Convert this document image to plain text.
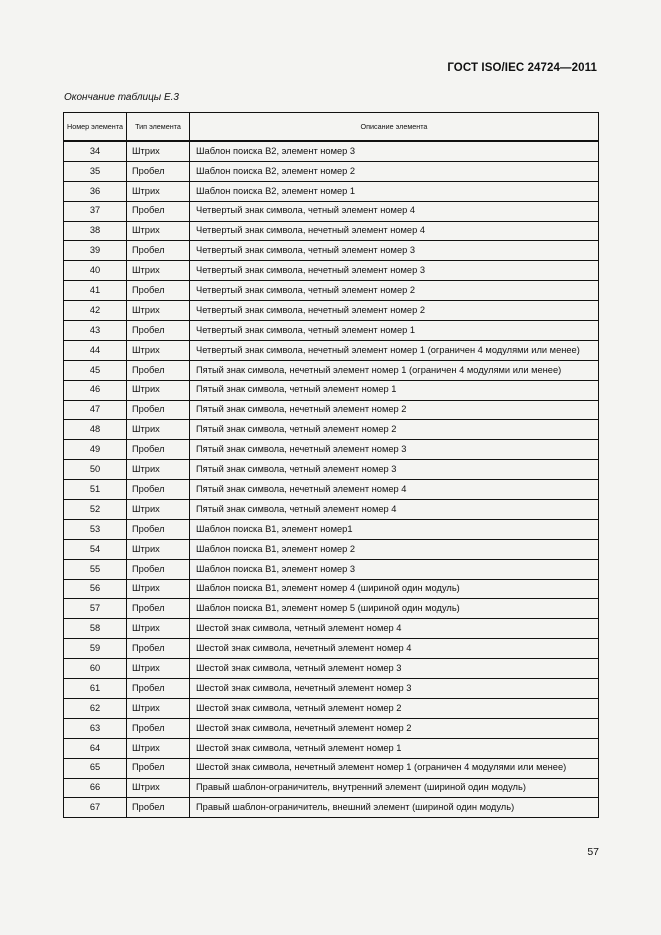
ГОСТ ISO/IEC 24724—2011
Окончание таблицы Е.3
Номер элемента	Тип элемента	Описание элемента
34	Штрих	Шаблон поиска В2, элемент номер 3
35	Пробел	Шаблон поиска В2, элемент номер 2
36	Штрих	Шаблон поиска В2, элемент номер 1
37	Пробел	Четвертый знак символа, четный элемент номер 4
38	Штрих	Четвертый знак символа, нечетный элемент номер 4
39	Пробел	Четвертый знак символа, четный элемент номер 3
40	Штрих	Четвертый знак символа, нечетный элемент номер 3
41	Пробел	Четвертый знак символа, четный элемент номер 2
42	Штрих	Четвертый знак символа, нечетный элемент номер 2
43	Пробел	Четвертый знак символа, четный элемент номер 1
44	Штрих	Четвертый знак символа, нечетный элемент номер 1 (ограничен 4 модулями или менее)
45	Пробел	Пятый знак символа, нечетный элемент номер 1 (ограничен 4 модулями или менее)
46	Штрих	Пятый знак символа, четный элемент номер 1
47	Пробел	Пятый знак символа, нечетный элемент номер 2
48	Штрих	Пятый знак символа, четный элемент номер 2
49	Пробел	Пятый знак символа, нечетный элемент номер 3
50	Штрих	Пятый знак символа, четный элемент номер 3
51	Пробел	Пятый знак символа, нечетный элемент номер 4
52	Штрих	Пятый знак символа, четный элемент номер 4
53	Пробел	Шаблон поиска В1, элемент номер1
54	Штрих	Шаблон поиска В1, элемент номер 2
55	Пробел	Шаблон поиска В1, элемент номер 3
56	Штрих	Шаблон поиска В1, элемент номер 4 (шириной один модуль)
57	Пробел	Шаблон поиска В1, элемент номер 5 (шириной один модуль)
58	Штрих	Шестой знак символа, четный элемент номер 4
59	Пробел	Шестой знак символа, нечетный элемент номер 4
60	Штрих	Шестой знак символа, четный элемент номер 3
61	Пробел	Шестой знак символа, нечетный элемент номер 3
62	Штрих	Шестой знак символа, четный элемент номер 2
63	Пробел	Шестой знак символа, нечетный элемент номер 2
64	Штрих	Шестой знак символа, четный элемент номер 1
65	Пробел	Шестой знак символа, нечетный элемент номер 1 (ограничен 4 модулями или менее)
66	Штрих	Правый шаблон-ограничитель, внутренний элемент (шириной один модуль)
67	Пробел	Правый шаблон-ограничитель, внешний элемент (шириной один модуль)
57
